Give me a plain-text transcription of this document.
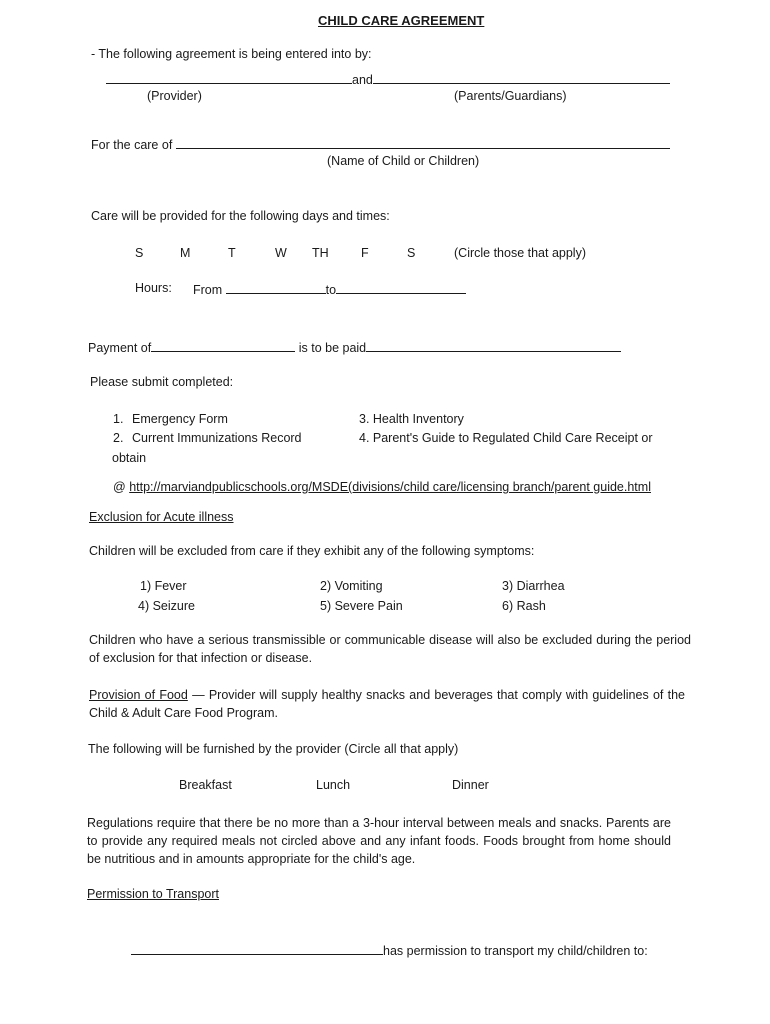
CHILD CARE AGREEMENT
- The following agreement is being entered into by:
and
(Provider)	(Parents/Guardians)
For the care of
(Name of Child or Children)
Care will be provided for the following days and times:
S	M	T	W TH	F	S	(Circle those that apply)
Hours: From	to
Payment of	is to be paid
Please submit completed:
1. Emergency Form
2. Current Immunizations Record
obtain
3. Health Inventory
4. Parent's Guide to Regulated Child Care Receipt or
@ http://marviandpublicschools.org/MSDE(divisions/child care/licensing branch/parent guide.html
Exclusion for Acute illness
Children will be excluded from care if they exhibit any of the following symptoms:
1) Fever	2) Vomiting	3) Diarrhea
4) Seizure	5) Severe Pain	6) Rash
Children who have a serious transmissible or communicable disease will also be excluded during the period of exclusion for that infection or disease.
Provision of Food — Provider will supply healthy snacks and beverages that comply with guidelines of the Child & Adult Care Food Program.
The following will be furnished by the provider (Circle all that apply)
Breakfast	Lunch	Dinner
Regulations require that there be no more than a 3-hour interval between meals and snacks. Parents are to provide any required meals not circled above and any infant foods. Foods brought from home should be nutritious and in amounts appropriate for the child's age.
Permission to Transport
has permission to transport my child/children to:
